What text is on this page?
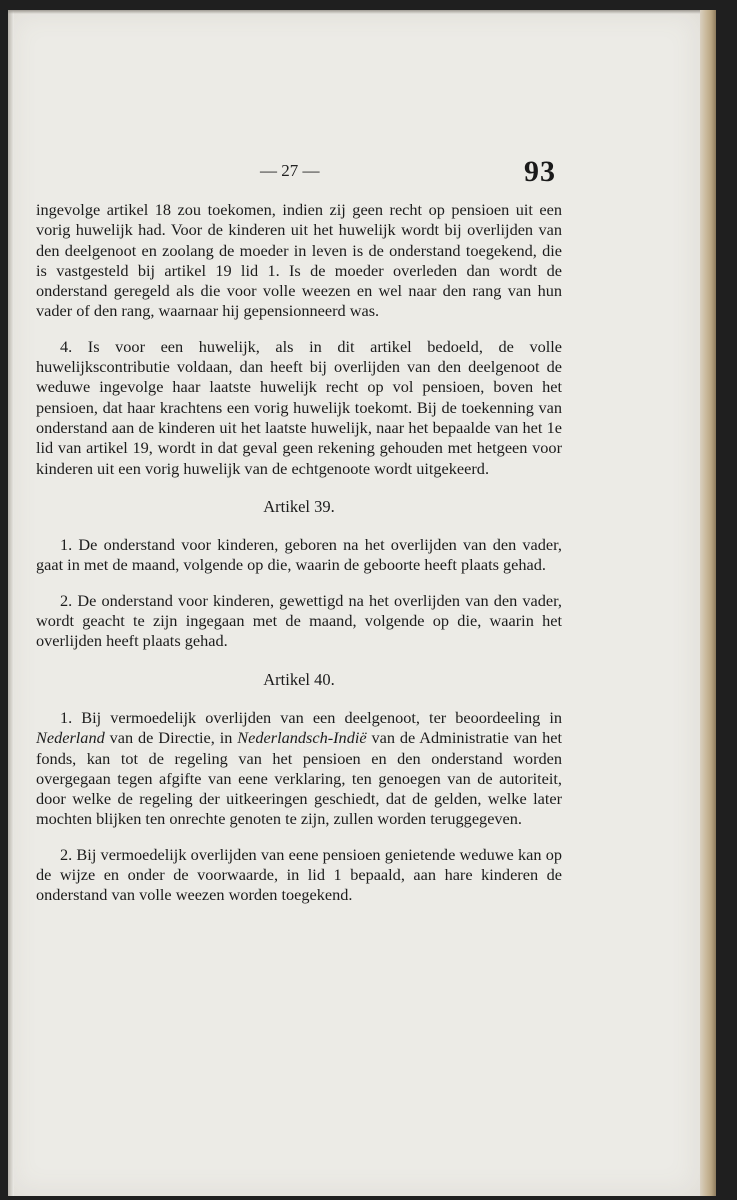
— 27 —	93

ingevolge artikel 18 zou toekomen, indien zij geen recht op pensioen uit een vorig huwelijk had. Voor de kinderen uit het huwelijk wordt bij overlijden van den deelgenoot en zoolang de moeder in leven is de onderstand toegekend, die is vastgesteld bij artikel 19 lid 1. Is de moeder overleden dan wordt de onderstand geregeld als die voor volle weezen en wel naar den rang van hun vader of den rang, waarnaar hij gepensionneerd was.

4. Is voor een huwelijk, als in dit artikel bedoeld, de volle huwelijkscontributie voldaan, dan heeft bij overlijden van den deelgenoot de weduwe ingevolge haar laatste huwelijk recht op vol pensioen, boven het pensioen, dat haar krachtens een vorig huwelijk toekomt. Bij de toekenning van onderstand aan de kinderen uit het laatste huwelijk, naar het bepaalde van het 1e lid van artikel 19, wordt in dat geval geen rekening gehouden met hetgeen voor kinderen uit een vorig huwelijk van de echtgenoote wordt uitgekeerd.

Artikel 39.

1. De onderstand voor kinderen, geboren na het overlijden van den vader, gaat in met de maand, volgende op die, waarin de geboorte heeft plaats gehad.

2. De onderstand voor kinderen, gewettigd na het overlijden van den vader, wordt geacht te zijn ingegaan met de maand, volgende op die, waarin het overlijden heeft plaats gehad.

Artikel 40.

1. Bij vermoedelijk overlijden van een deelgenoot, ter beoordeeling in Nederland van de Directie, in Nederlandsch-Indië van de Administratie van het fonds, kan tot de regeling van het pensioen en den onderstand worden overgegaan tegen afgifte van eene verklaring, ten genoegen van de autoriteit, door welke de regeling der uitkeeringen geschiedt, dat de gelden, welke later mochten blijken ten onrechte genoten te zijn, zullen worden teruggegeven.

2. Bij vermoedelijk overlijden van eene pensioen genietende weduwe kan op de wijze en onder de voorwaarde, in lid 1 bepaald, aan hare kinderen de onderstand van volle weezen worden toegekend.
